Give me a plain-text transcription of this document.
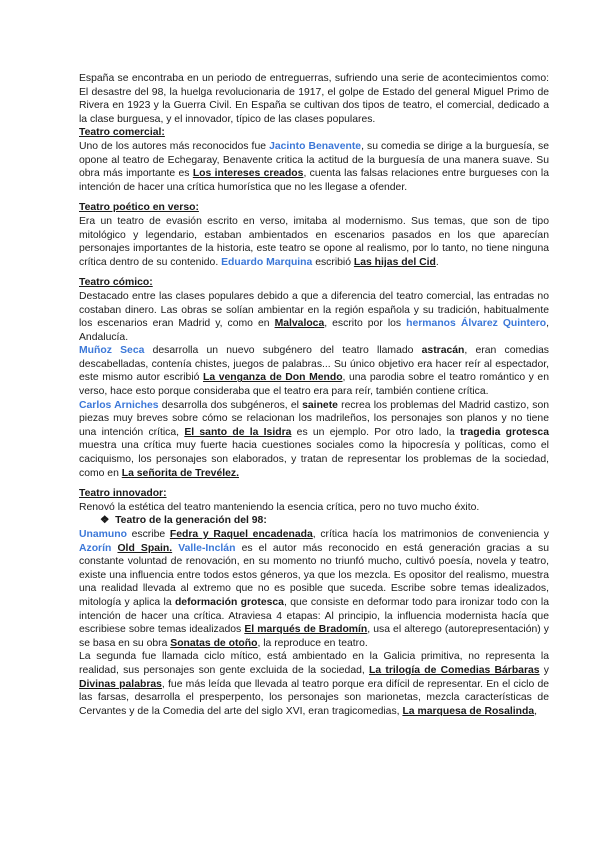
España se encontraba en un periodo de entreguerras, sufriendo una serie de acontecimientos como: El desastre del 98, la huelga revolucionaria de 1917, el golpe de Estado del general Miguel Primo de Rivera en 1923 y la Guerra Civil. En España se cultivan dos tipos de teatro, el comercial, dedicado a la clase burguesa, y el innovador, típico de las clases populares.

Teatro comercial:

Uno de los autores más reconocidos fue Jacinto Benavente, su comedia se dirige a la burguesía, se opone al teatro de Echegaray, Benavente critica la actitud de la burguesía de una manera suave. Su obra más importante es Los intereses creados, cuenta las falsas relaciones entre burgueses con la intención de hacer una crítica humorística que no les llegase a ofender.

Teatro poético en verso:

Era un teatro de evasión escrito en verso, imitaba al modernismo. Sus temas, que son de tipo mitológico y legendario, estaban ambientados en escenarios pasados en los que aparecían personajes importantes de la historia, este teatro se opone al realismo, por lo tanto, no tiene ninguna crítica dentro de su contenido. Eduardo Marquina escribió Las hijas del Cid.

Teatro cómico:

Destacado entre las clases populares debido a que a diferencia del teatro comercial, las entradas no costaban dinero. Las obras se solían ambientar en la región española y su tradición, habitualmente los escenarios eran Madrid y, como en Malvaloca, escrito por los hermanos Álvarez Quintero, Andalucía.

Muñoz Seca desarrolla un nuevo subgénero del teatro llamado astracán, eran comedias descabelladas, contenía chistes, juegos de palabras... Su único objetivo era hacer reír al espectador, este mismo autor escribió La venganza de Don Mendo, una parodia sobre el teatro romántico y en verso, hace esto porque consideraba que el teatro era para reír, también contiene crítica.

Carlos Arniches desarrolla dos subgéneros, el sainete recrea los problemas del Madrid castizo, son piezas muy breves sobre cómo se relacionan los madrileños, los personajes son planos y no tiene una intención crítica, El santo de la Isidra es un ejemplo. Por otro lado, la tragedia grotesca muestra una crítica muy fuerte hacia cuestiones sociales como la hipocresía y políticas, como el caciquismo, los personajes son elaborados, y tratan de representar los problemas de la sociedad, como en La señorita de Trevélez.

Teatro innovador:

Renovó la estética del teatro manteniendo la esencia crítica, pero no tuvo mucho éxito.

❖ Teatro de la generación del 98:

Unamuno escribe Fedra y Raquel encadenada, crítica hacía los matrimonios de conveniencia y Azorín Old Spain. Valle-Inclán es el autor más reconocido en está generación gracias a su constante voluntad de renovación, en su momento no triunfó mucho, cultivó poesía, novela y teatro, existe una influencia entre todos estos géneros, ya que los mezcla. Es opositor del realismo, muestra una realidad llevada al extremo que no es posible que suceda. Escribe sobre temas idealizados, mitología y aplica la deformación grotesca, que consiste en deformar todo para ironizar todo con la intención de hacer una crítica. Atraviesa 4 etapas: Al principio, la influencia modernista hacía que escribiese sobre temas idealizados El marqués de Bradomín, usa el alterego (autorepresentación) y se basa en su obra Sonatas de otoño, la reproduce en teatro.

La segunda fue llamada ciclo mítico, está ambientado en la Galicia primitiva, no representa la realidad, sus personajes son gente excluida de la sociedad, La trilogía de Comedias Bárbaras y Divinas palabras, fue más leída que llevada al teatro porque era difícil de representar. En el ciclo de las farsas, desarrolla el presperpento, los personajes son marionetas, mezcla características de Cervantes y de la Comedia del arte del siglo XVI, eran tragicomedias, La marquesa de Rosalinda,
